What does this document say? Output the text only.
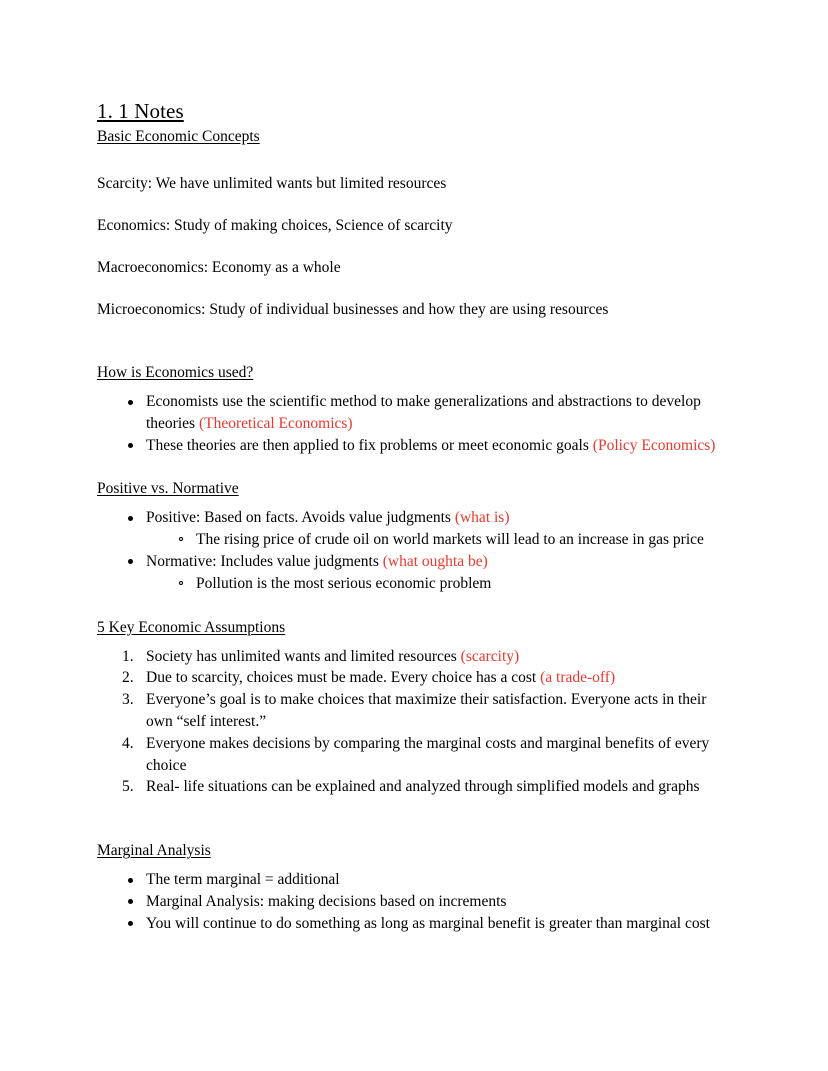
1. 1 Notes
Basic Economic Concepts

Scarcity: We have unlimited wants but limited resources

Economics: Study of making choices, Science of scarcity

Macroeconomics: Economy as a whole

Microeconomics: Study of individual businesses and how they are using resources

How is Economics used?
Economists use the scientific method to make generalizations and abstractions to develop theories (Theoretical Economics)
These theories are then applied to fix problems or meet economic goals (Policy Economics)
Positive vs. Normative
Positive: Based on facts. Avoids value judgments (what is)
The rising price of crude oil on world markets will lead to an increase in gas price
Normative: Includes value judgments (what oughta be)
Pollution is the most serious economic problem
5 Key Economic Assumptions
Society has unlimited wants and limited resources (scarcity)
Due to scarcity, choices must be made. Every choice has a cost (a trade-off)
Everyone’s goal is to make choices that maximize their satisfaction. Everyone acts in their own “self interest.”
Everyone makes decisions by comparing the marginal costs and marginal benefits of every choice
Real- life situations can be explained and analyzed through simplified models and graphs
Marginal Analysis
The term marginal = additional
Marginal Analysis: making decisions based on increments
You will continue to do something as long as marginal benefit is greater than marginal cost
